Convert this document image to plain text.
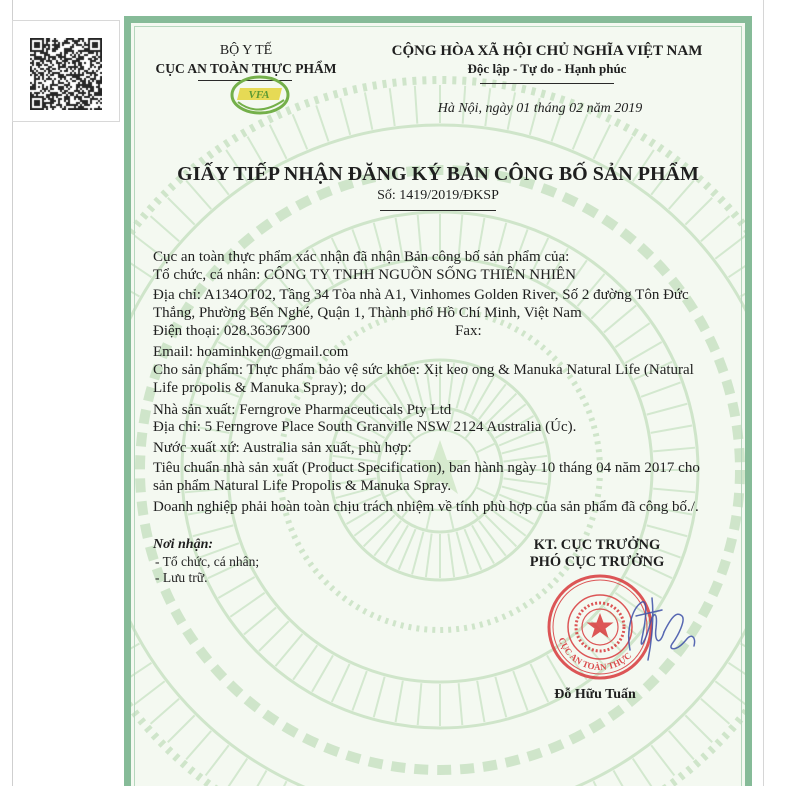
BỘ Y TẾ
CỤC AN TOÀN THỰC PHẨM
VFA
CỘNG HÒA XÃ HỘI CHỦ NGHĨA VIỆT NAM
Độc lập - Tự do - Hạnh phúc
Hà Nội, ngày 01 tháng 02 năm 2019
GIẤY TIẾP NHẬN ĐĂNG KÝ BẢN CÔNG BỐ SẢN PHẨM
Số: 1419/2019/ĐKSP
Cục an toàn thực phẩm xác nhận đã nhận Bản công bố sản phẩm của:
Tổ chức, cá nhân: CÔNG TY TNHH NGUỒN SỐNG THIÊN NHIÊN
Địa chỉ: A134OT02, Tầng 34 Tòa nhà A1, Vinhomes Golden River, Số 2 đường Tôn Đức
Thắng, Phường Bến Nghé, Quận 1, Thành phố Hồ Chí Minh, Việt Nam
Điện thoại: 028.36367300	Fax:
Email: hoaminhken@gmail.com
Cho sản phẩm: Thực phẩm bảo vệ sức khỏe: Xịt keo ong & Manuka Natural Life (Natural
Life propolis & Manuka Spray); do
Nhà sản xuất: Ferngrove Pharmaceuticals Pty Ltd
Địa chỉ: 5 Ferngrove Place South Granville NSW 2124 Australia (Úc).
Nước xuất xứ: Australia sản xuất, phù hợp:
Tiêu chuẩn nhà sản xuất (Product Specification), ban hành ngày 10 tháng 04 năm 2017 cho
sản phẩm Natural Life Propolis & Manuka Spray.
Doanh nghiệp phải hoàn toàn chịu trách nhiệm về tính phù hợp của sản phẩm đã công bố./.
Nơi nhận:
- Tổ chức, cá nhân;
- Lưu trữ.
KT. CỤC TRƯỞNG
PHÓ CỤC TRƯỞNG
CỤC AN TOÀN THỰC
Đỗ Hữu Tuấn
